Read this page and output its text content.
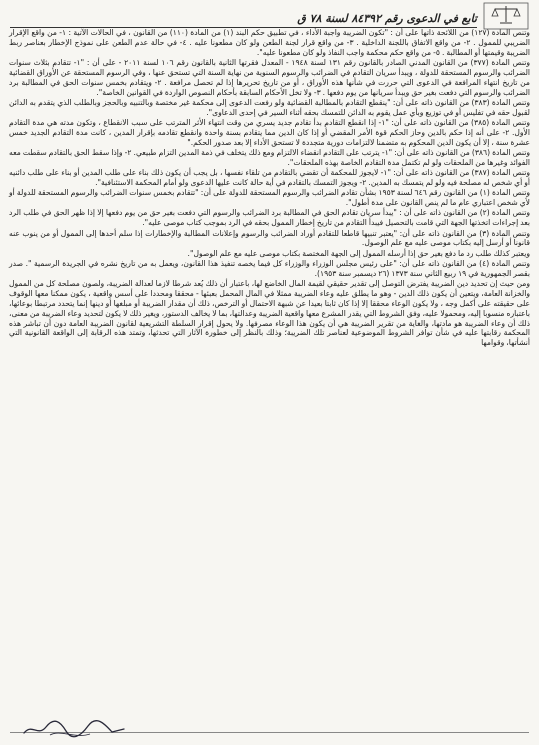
تابع في الدعوى رقم ٨٤٣٩٢ لسنة ٧٨ ق

وتنص المادة (١٢٧) من اللائحة ذاتها على أن : "تكون الضريبة واجبة الأداء ، في تطبيق حكم البند (١) من المادة (١١٠) من القانون ، في الحالات الآتية : ١- من واقع الإقرار الضريبي للممول . ٢- من واقع الاتفاق باللجنة الداخلية . ٣- من واقع قرار لجنة الطعن ولو كان مطعونا عليه . ٤- في حالة عدم الطعن على نموذج الإخطار بعناصر ربط الضريبة وقيمتها أو المطالبة . ٥- من واقع حكم محكمة واجب النفاذ ولو كان مطعونا عليه".

وتنص المادة (٣٧٧) من القانون المدني الصادر بالقانون رقم ١٣١ لسنة ١٩٤٨ - المعدل فقرتها الثانية بالقانون رقم ١٠٦ لسنة ٢٠١١ - على أن : "١- تتقادم بثلاث سنوات الضرائب والرسوم المستحقة للدولة ، ويبدأ سريان التقادم في الضرائب والرسوم السنوية من نهاية السنة التي تستحق عنها ، وفي الرسوم المستحقة عن الأوراق القضائية من تاريخ انتهاء المرافعة في الدعوى التي حررت في شأنها هذه الأوراق ، أو من تاريخ تحريرها إذا لم تحصل مرافعة . ٢- ويتقادم بخمس سنوات الحق في المطالبة برد الضرائب والرسوم التي دفعت بغير حق ويبدأ سريانها من يوم دفعها . ٣- ولا تخل الأحكام السابقة بأحكام النصوص الواردة في القوانين الخاصة".

وتنص المادة (٣٨٣) من القانون ذاته على أن: "ينقطع التقادم بالمطالبة القضائية ولو رفعت الدعوى إلى محكمة غير مختصة وبالتنبيه وبالحجز وبالطلب الذي يتقدم به الدائن لقبول حقه في تفليس أو في توزيع وبأي عمل يقوم به الدائن للتمسك بحقه أثناء السير في إحدى الدعاوى".

وتنص المادة (٣٨٥) من القانون ذاته على أن: "١- إذا انقطع التقادم بدأ تقادم جديد يسري من وقت انتهاء الأثر المترتب على سبب الانقطاع ، وتكون مدته هي مدة التقادم الأول. ٢- على أنه إذا حكم بالدين وحاز الحكم قوة الأمر المقضي أو إذا كان الدين مما يتقادم بسنة واحدة وانقطع تقادمه بإقرار المدين ، كانت مدة التقادم الجديد خمس عشرة سنة ، إلا أن يكون الدين المحكوم به متضمنا لالتزامات دورية متجددة لا تستحق الأداء إلا بعد صدور الحكم."

وتنص المادة (٣٨٦) من القانون ذاته على أن: "١- يترتب على التقادم انقضاء الالتزام ومع ذلك يتخلف في ذمة المدين التزام طبيعي. ٢- وإذا سقط الحق بالتقادم سقطت معه الفوائد وغيرها من الملحقات ولو لم تكتمل مدة التقادم الخاصة بهذه الملحقات".

وتنص المادة (٣٨٧) من القانون ذاته على أن: "١- لايجوز للمحكمة أن تقضي بالتقادم من تلقاء نفسها ، بل يجب أن يكون ذلك بناء على طلب المدين أو بناء على طلب دائنيه أو أي شخص له مصلحة فيه ولو لم يتمسك به المدين. ٢- ويجوز التمسك بالتقادم في أية حالة كانت عليها الدعوى ولو أمام المحكمة الاستئنافية".

وتنص المادة (١) من القانون رقم ٦٤٦ لسنة ١٩٥٣ بشأن تقادم الضرائب والرسوم المستحقة للدولة على أن: "تتقادم بخمس سنوات الضرائب والرسوم المستحقة للدولة أو لأي شخص اعتباري عام ما لم ينص القانون على مدة أطول".

وتنص المادة (٢) من القانون ذاته على أن : "يبدأ سريان تقادم الحق في المطالبة برد الضرائب والرسوم التي دفعت بغير حق من يوم دفعها إلا إذا ظهر الحق في طلب الرد بعد إجراءات اتخذتها الجهة التي قامت بالتحصيل فيبدأ التقادم من تاريخ إخطار الممول بحقه في الرد بموجب كتاب موصى عليه".

وتنص المادة (٣) من القانون ذاته على أن: "يعتبر تنبيها قاطعا للتقادم أوراد الضرائب والرسوم وإعلانات المطالبة والإخطارات إذا سلم أحدها إلى الممول أو من ينوب عنه قانونا أو أرسل إليه بكتاب موصى عليه مع علم الوصول.

ويعتبر كذلك طلب رد ما دفع بغير حق إذا أرسله الممول إلى الجهة المختصة بكتاب موصى عليه مع علم الوصول".

وتنص المادة (٤) من القانون ذاته على أن: "على رئيس مجلس الوزراء والوزراء كل فيما يخصه تنفيذ هذا القانون، ويعمل به من تاريخ نشره في الجريدة الرسمية ". صدر بقصر الجمهورية في ١٩ ربيع الثاني سنة ١٣٧٣ (٢٦ ديسمبر سنة ١٩٥٣).

ومن حيث إن تحديد دين الضريبة يفترض التوصل إلى تقدير حقيقي لقيمة المال الخاضع لها، باعتبار أن ذلك يُعد شرطا لازما لعدالة الضريبة، ولصون مصلحة كل من الممول والخزانة العامة، ويتعين أن يكون ذلك الدين - وهو ما يطلق عليه وعاء الضريبة ممثلا في المال المحمل بعبئها - محققا ومحددا على أسس واقعية ، يكون ممكنا معها الوقوف على حقيقته على أكمل وجه ، ولا يكون الوعاء محققا إلا إذا كان ثابتا بعيدا عن شبهة الاحتمال أو الترخص، ذلك أن مقدار الضريبة أو مبلغها أو دينها إنما يتحدد مرتبطا بوعائها، باعتباره منسوبا إليه، ومحمولا عليه، وفق الشروط التي يقدر المشرع معها واقعية الضريبة وعدالتها، بما لا يخالف الدستور، ويغير ذلك لا يكون لتحديد وعاء الضريبة من معنى، ذلك أن وعاء الضريبة هو مادتها، والغاية من تقرير الضريبة هي أن يكون هذا الوعاء مصرفها. ولا يحول إقرار السلطة التشريعية لقانون الضريبة العامة دون أن تباشر هذه المحكمة رقابتها عليه في شأن توافر الشروط الموضوعية لعناصر تلك الضريبة؛ وذلك بالنظر إلى خطورة الآثار التي تحدثها، وتمتد هذه الرقابة إلى الواقعة القانونية التي أنشأتها، وقوامها
